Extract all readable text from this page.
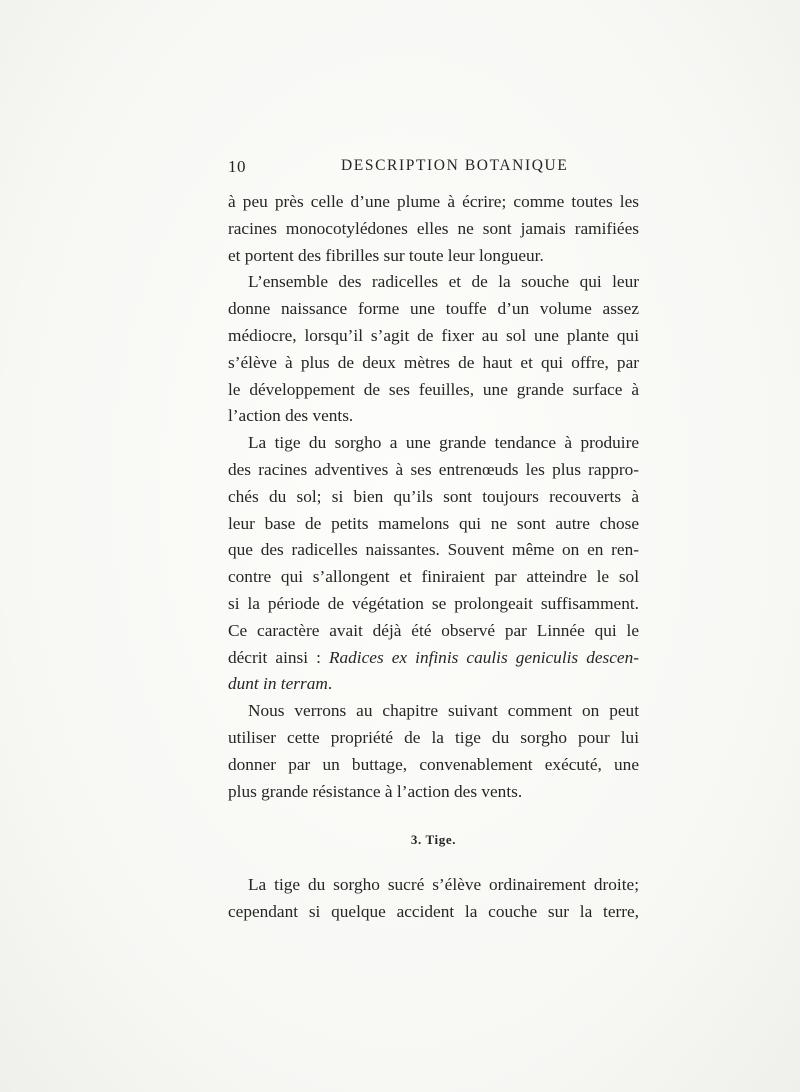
10	DESCRIPTION BOTANIQUE
à peu près celle d’une plume à écrire; comme toutes les
racines monocotylédones elles ne sont jamais ramifiées
et portent des fibrilles sur toute leur longueur.
L’ensemble des radicelles et de la souche qui leur
donne naissance forme une touffe d’un volume assez
médiocre, lorsqu’il s’agit de fixer au sol une plante qui
s’élève à plus de deux mètres de haut et qui offre, par
le développement de ses feuilles, une grande surface à
l’action des vents.
La tige du sorgho a une grande tendance à produire
des racines adventives à ses entrenœuds les plus rappro-
chés du sol; si bien qu’ils sont toujours recouverts à
leur base de petits mamelons qui ne sont autre chose
que des radicelles naissantes. Souvent même on en ren-
contre qui s’allongent et finiraient par atteindre le sol
si la période de végétation se prolongeait suffisamment.
Ce caractère avait déjà été observé par Linnée qui le
décrit ainsi : Radices ex infinis caulis geniculis descen-
dunt in terram.
Nous verrons au chapitre suivant comment on peut
utiliser cette propriété de la tige du sorgho pour lui
donner par un buttage, convenablement exécuté, une
plus grande résistance à l’action des vents.
3. Tige.
La tige du sorgho sucré s’élève ordinairement droite;
cependant si quelque accident la couche sur la terre,
